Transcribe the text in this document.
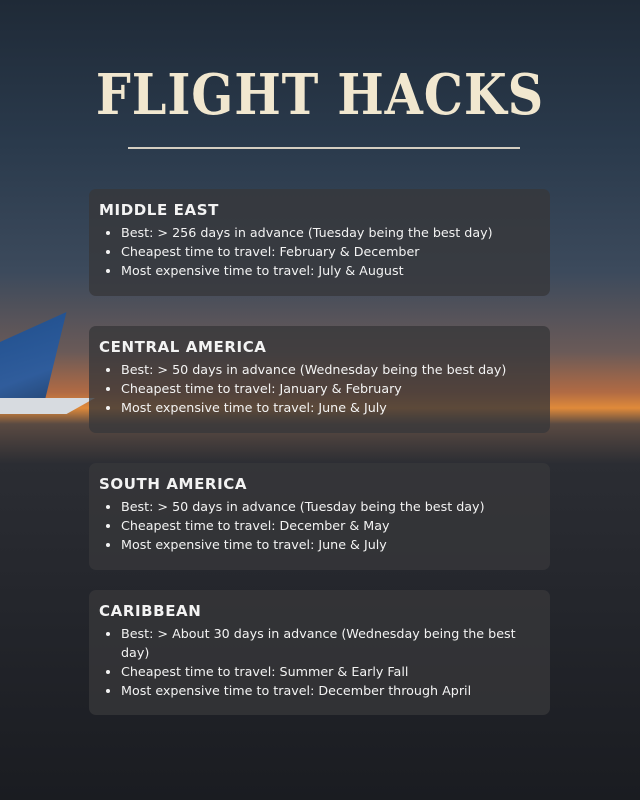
FLIGHT HACKS
MIDDLE EAST
• Best: > 256 days in advance (Tuesday being the best day)
• Cheapest time to travel: February & December
• Most expensive time to travel: July & August
CENTRAL AMERICA
• Best: > 50 days in advance (Wednesday being the best day)
• Cheapest time to travel: January & February
• Most expensive time to travel: June & July
SOUTH AMERICA
• Best: > 50 days in advance (Tuesday being the best day)
• Cheapest time to travel: December & May
• Most expensive time to travel: June & July
CARIBBEAN
• Best: > About 30 days in advance (Wednesday being the best day)
• Cheapest time to travel: Summer & Early Fall
• Most expensive time to travel: December through April
